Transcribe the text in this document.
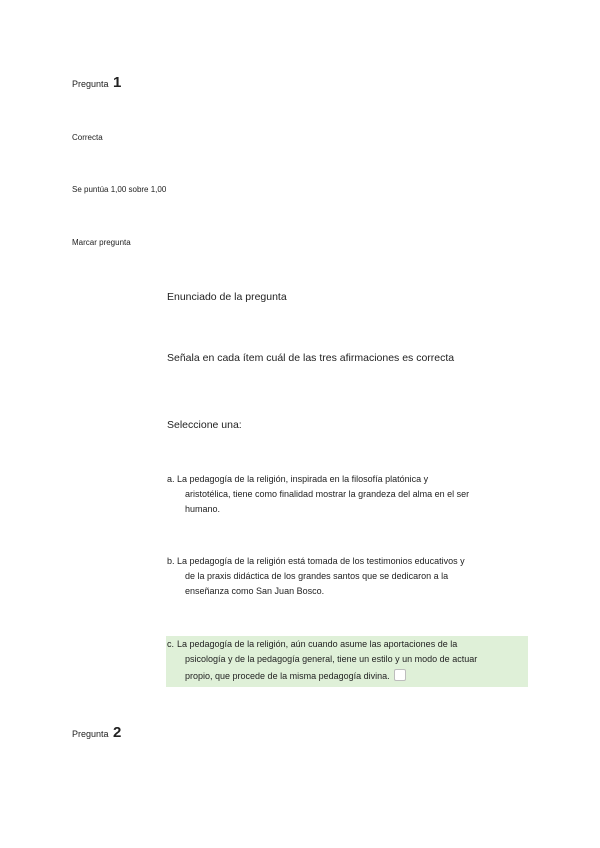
Pregunta 1
Correcta
Se puntúa 1,00 sobre 1,00
Marcar pregunta
Enunciado de la pregunta
Señala en cada ítem cuál de las tres afirmaciones es correcta
Seleccione una:
a. La pedagogía de la religión, inspirada en la filosofía platónica y
aristotélica, tiene como finalidad mostrar la grandeza del alma en el ser
humano.
b. La pedagogía de la religión está tomada de los testimonios educativos y
de la praxis didáctica de los grandes santos que se dedicaron a la
enseñanza como San Juan Bosco.
c. La pedagogía de la religión, aún cuando asume las aportaciones de la
psicología y de la pedagogía general, tiene un estilo y un modo de actuar
propio, que procede de la misma pedagogía divina.
Pregunta 2
